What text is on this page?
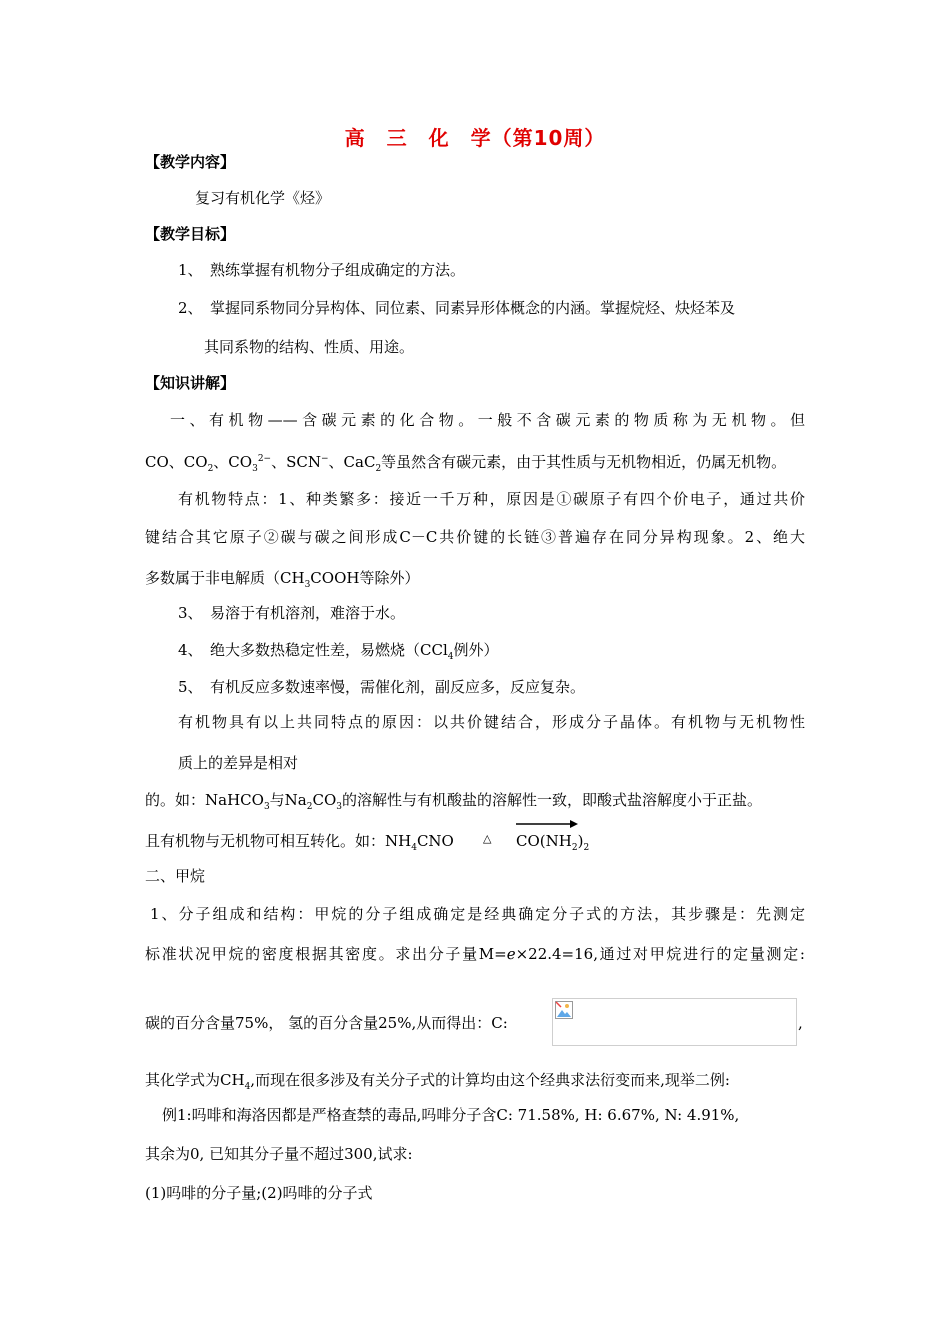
高　三　化　学（第10周）
【教学内容】
复习有机化学《烃》
【教学目标】
1、　熟练掌握有机物分子组成确定的方法。
2、　掌握同系物同分异构体、同位素、同素异形体概念的内涵。掌握烷烃、炔烃苯及
其同系物的结构、性质、用途。
【知识讲解】
一、有机物——含碳元素的化合物。一般不含碳元素的物质称为无机物。但
CO、$CO_2$、$CO_3^{2-}$、SCN−、CaC$_2$等虽然含有碳元素，由于其性质与无机物相近，仍属无机物。
有机物特点：1、种类繁多：接近一千万种，原因是①碳原子有四个价电子，通过共价
键结合其它原子②碳与碳之间形成C－C共价键的长链③普遍存在同分异构现象。2、绝大
多数属于非电解质（$CH_3COOH$等除外）
3、　易溶于有机溶剂，难溶于水。
4、　绝大多数热稳定性差，易燃烧（CCl$_4$例外）
5、　有机反应多数速率慢，需催化剂，副反应多，反应复杂。
有机物具有以上共同特点的原因：以共价键结合，形成分子晶体。有机物与无机物性
质上的差异是相对
的。如：NaHCO$_3$与$Na_2CO_3$的溶解性与有机酸盐的溶解性一致，即酸式盐溶解度小于正盐。
且有机物与无机物可相互转化。如：$NH_4CNO$	△ $CO(NH_2)_2$
二、甲烷
1、分子组成和结构：甲烷的分子组成确定是经典确定分子式的方法，其步骤是：先测定
标准状况甲烷的密度根据其密度。求出分子量M=ℯ×22.4=16,通过对甲烷进行的定量测定:
碳的百分含量75%， 氢的百分含量25%,从而得出：C:	,
其化学式为$CH_4$,而现在很多涉及有关分子式的计算均由这个经典求法衍变而来,现举二例:
例1:吗啡和海洛因都是严格查禁的毒品,吗啡分子含C: 71.58%, H: 6.67%, N: 4.91%,
其余为0, 已知其分子量不超过300,试求:
(1)吗啡的分子量;(2)吗啡的分子式
